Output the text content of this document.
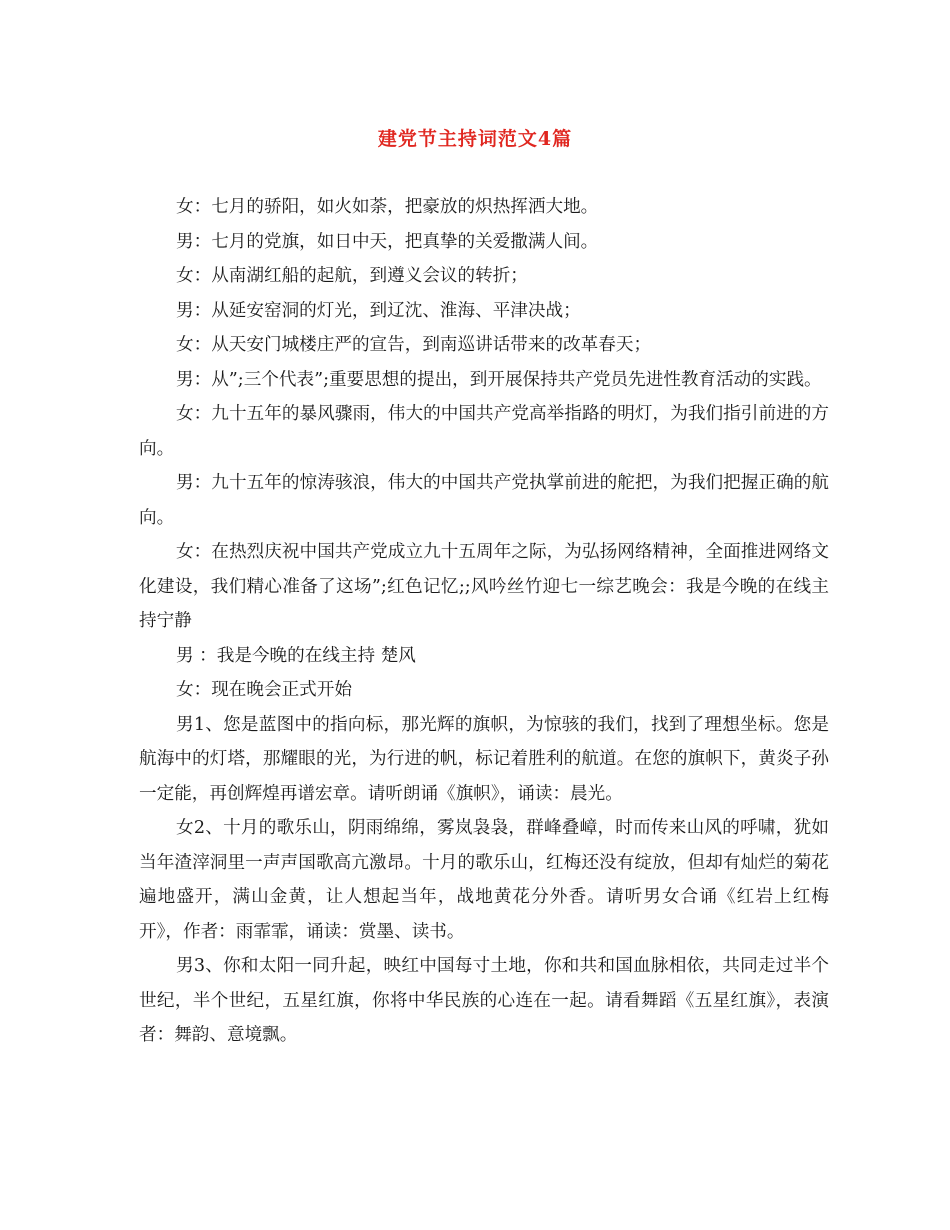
建党节主持词范文4篇

女：七月的骄阳，如火如荼，把豪放的炽热挥洒大地。

男：七月的党旗，如日中天，把真挚的关爱撒满人间。

女：从南湖红船的起航，到遵义会议的转折；

男：从延安窑洞的灯光，到辽沈、淮海、平津决战；

女：从天安门城楼庄严的宣告，到南巡讲话带来的改革春天；

男：从”;三个代表”;重要思想的提出，到开展保持共产党员先进性教育活动的实践。

女：九十五年的暴风骤雨，伟大的中国共产党高举指路的明灯，为我们指引前进的方向。

男：九十五年的惊涛骇浪，伟大的中国共产党执掌前进的舵把，为我们把握正确的航向。

女：在热烈庆祝中国共产党成立九十五周年之际，为弘扬网络精神，全面推进网络文化建设，我们精心准备了这场”;红色记忆;;风吟丝竹迎七一综艺晚会：我是今晚的在线主持宁静

男 ：我是今晚的在线主持 楚风

女：现在晚会正式开始

男1、您是蓝图中的指向标，那光辉的旗帜，为惊骇的我们，找到了理想坐标。您是航海中的灯塔，那耀眼的光，为行进的帆，标记着胜利的航道。在您的旗帜下，黄炎子孙一定能，再创辉煌再谱宏章。请听朗诵《旗帜》，诵读：晨光。

女2、十月的歌乐山，阴雨绵绵，雾岚袅袅，群峰叠嶂，时而传来山风的呼啸，犹如当年渣滓洞里一声声国歌高亢激昂。十月的歌乐山，红梅还没有绽放，但却有灿烂的菊花遍地盛开，满山金黄，让人想起当年，战地黄花分外香。请听男女合诵《红岩上红梅开》，作者：雨霏霏，诵读：赏墨、读书。

男3、你和太阳一同升起，映红中国每寸土地，你和共和国血脉相依，共同走过半个世纪，半个世纪，五星红旗，你将中华民族的心连在一起。请看舞蹈《五星红旗》，表演者：舞韵、意境飘。
